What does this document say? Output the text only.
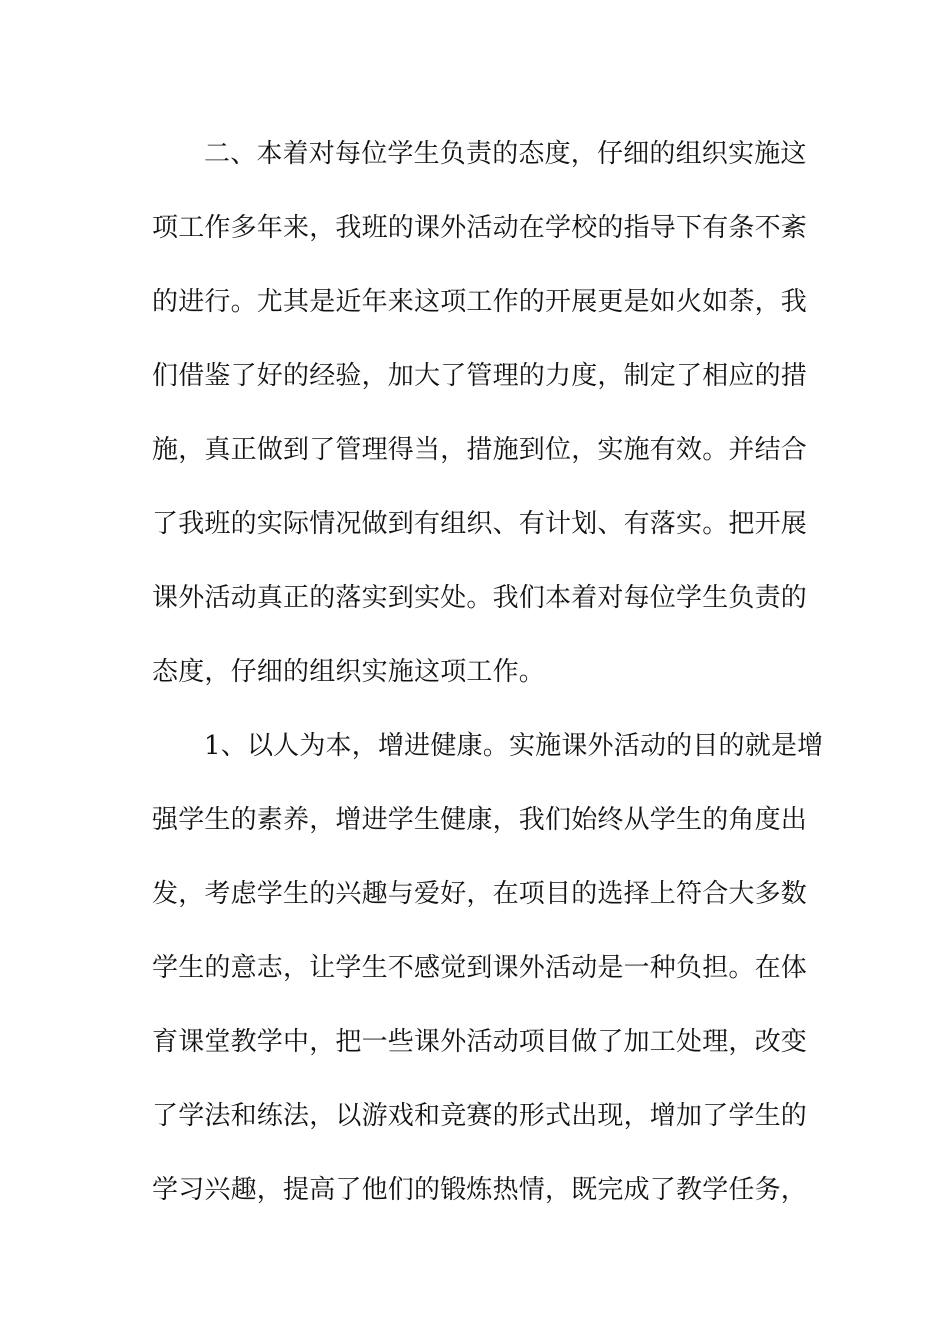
二、本着对每位学生负责的态度，仔细的组织实施这
项工作多年来，我班的课外活动在学校的指导下有条不紊
的进行。尤其是近年来这项工作的开展更是如火如荼，我
们借鉴了好的经验，加大了管理的力度，制定了相应的措
施，真正做到了管理得当，措施到位，实施有效。并结合
了我班的实际情况做到有组织、有计划、有落实。把开展
课外活动真正的落实到实处。我们本着对每位学生负责的
态度，仔细的组织实施这项工作。
1、以人为本，增进健康。实施课外活动的目的就是增
强学生的素养，增进学生健康，我们始终从学生的角度出
发，考虑学生的兴趣与爱好，在项目的选择上符合大多数
学生的意志，让学生不感觉到课外活动是一种负担。在体
育课堂教学中，把一些课外活动项目做了加工处理，改变
了学法和练法，以游戏和竞赛的形式出现，增加了学生的
学习兴趣，提高了他们的锻炼热情，既完成了教学任务，
